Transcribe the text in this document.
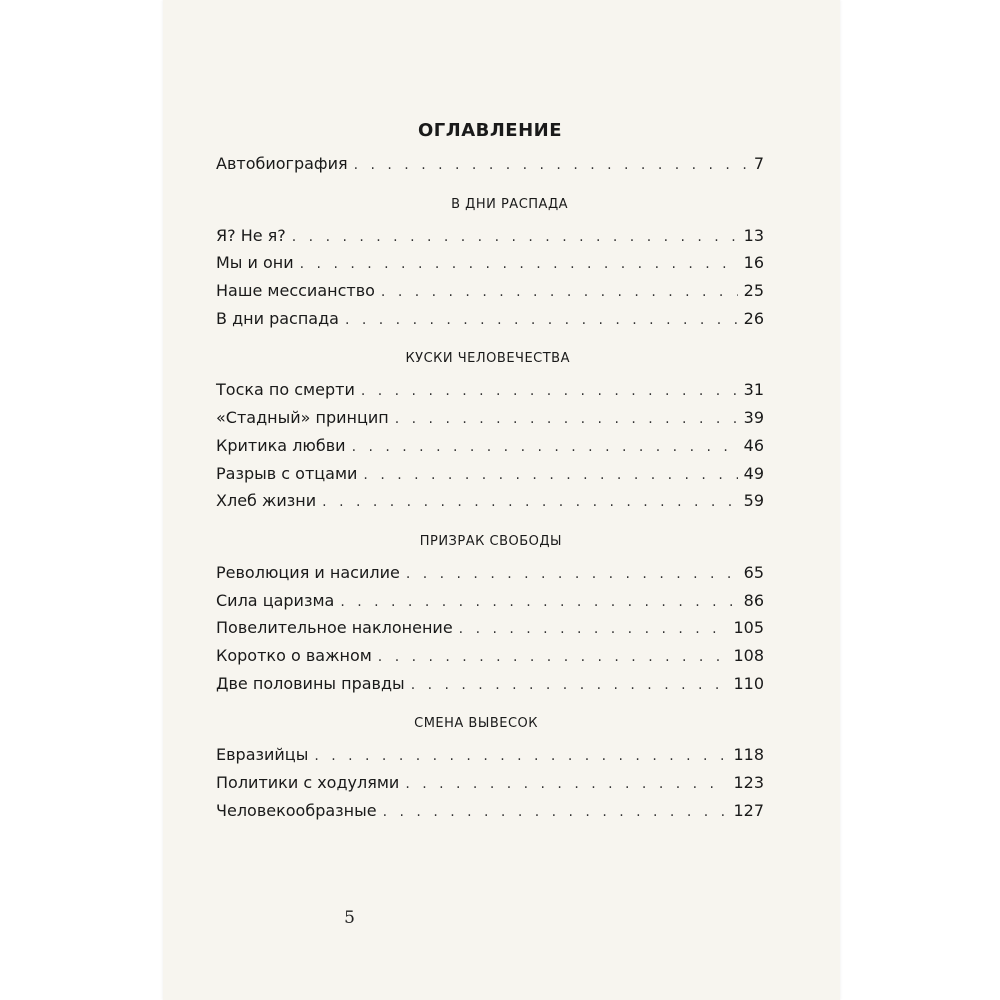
5
ОГЛАВЛЕНИЕ
Автобиография . . .	7
В ДНИ РАСПАДА
Я? Не я? . . .	13
Мы и они . . .	16
Наше мессианство . . .	25
В дни распада . . .	26
КУСКИ ЧЕЛОВЕЧЕСТВА
Тоска по смерти . . .	31
«Стадный» принцип . . .	39
Критика любви . . .	46
Разрыв с отцами . . .	49
Хлеб жизни . . .	59
ПРИЗРАК СВОБОДЫ
Революция и насилие . . .	65
Сила царизма . . .	86
Повелительное наклонение . . .	105
Коротко о важном . . .	108
Две половины правды . . .	110
СМЕНА ВЫВЕСОК
Евразийцы . . .	118
Политики с ходулями . . .	123
Человекообразные . . .	127
